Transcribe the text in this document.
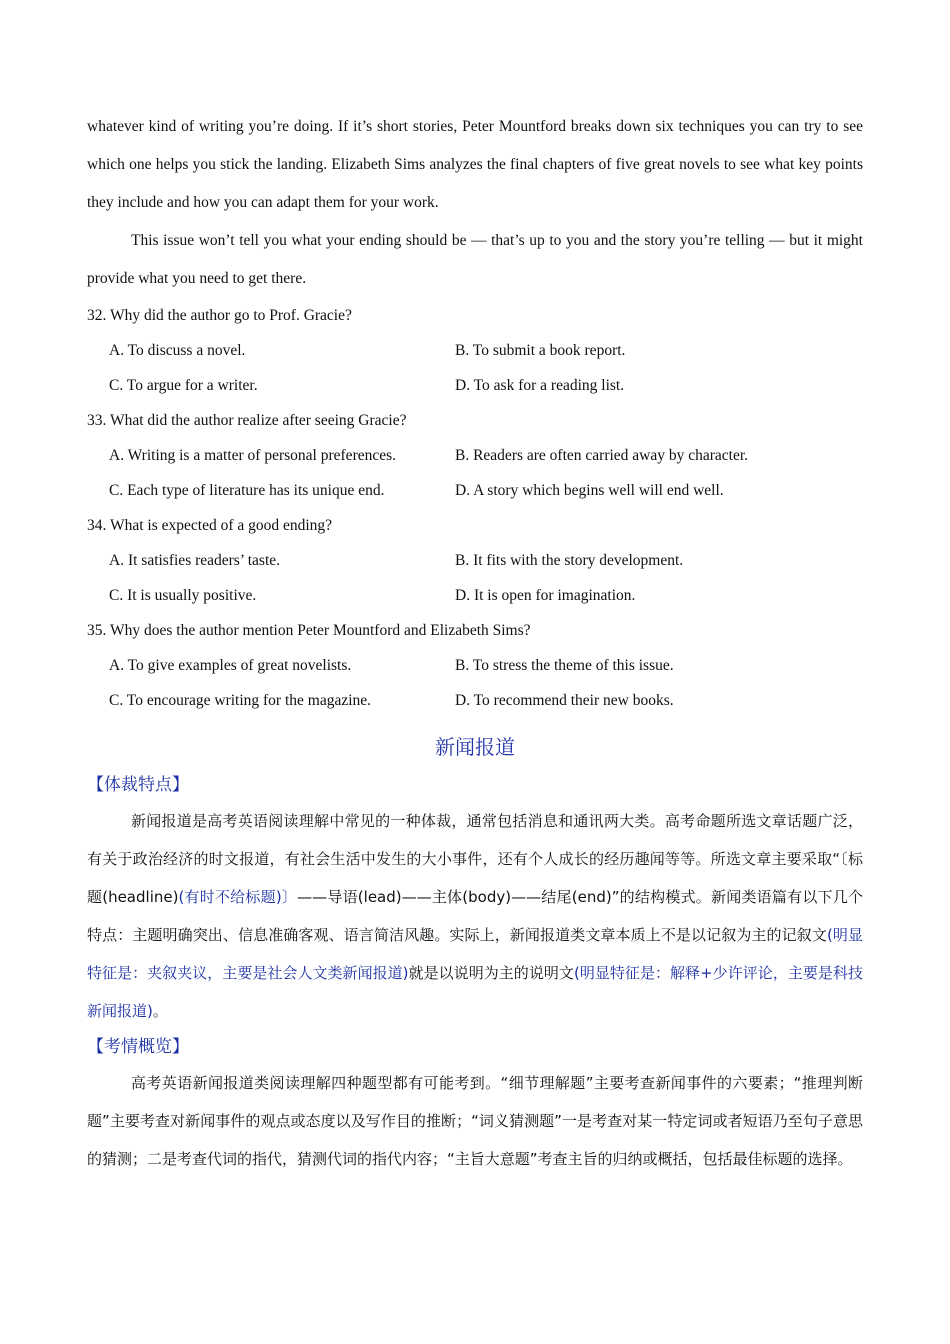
whatever kind of writing you’re doing. If it’s short stories, Peter Mountford breaks down six techniques you can try to see which one helps you stick the landing. Elizabeth Sims analyzes the final chapters of five great novels to see what key points they include and how you can adapt them for your work.

This issue won’t tell you what your ending should be — that’s up to you and the story you’re telling — but it might provide what you need to get there.

32. Why did the author go to Prof. Gracie?
A. To discuss a novel.	B. To submit a book report.
C. To argue for a writer.	D. To ask for a reading list.
33. What did the author realize after seeing Gracie?
A. Writing is a matter of personal preferences.	B. Readers are often carried away by character.
C. Each type of literature has its unique end.	D. A story which begins well will end well.
34. What is expected of a good ending?
A. It satisfies readers’ taste.	B. It fits with the story development.
C. It is usually positive.	D. It is open for imagination.
35. Why does the author mention Peter Mountford and Elizabeth Sims?
A. To give examples of great novelists.	B. To stress the theme of this issue.
C. To encourage writing for the magazine.	D. To recommend their new books.
新闻报道
【体裁特点】

新闻报道是高考英语阅读理解中常见的一种体裁，通常包括消息和通讯两大类。高考命题所选文章话题广泛，有关于政治经济的时文报道，有社会生活中发生的大小事件，还有个人成长的经历趣闻等等。所选文章主要采取“〔标题(headline)(有时不给标题)〕——导语(lead)——主体(body)——结尾(end)”的结构模式。新闻类语篇有以下几个特点：主题明确突出、信息准确客观、语言简洁风趣。实际上，新闻报道类文章本质上不是以记叙为主的记叙文(明显特征是：夹叙夹议，主要是社会人文类新闻报道)就是以说明为主的说明文(明显特征是：解释+少许评论，主要是科技新闻报道)。

【考情概览】

高考英语新闻报道类阅读理解四种题型都有可能考到。“细节理解题”主要考查新闻事件的六要素；“推理判断题”主要考查对新闻事件的观点或态度以及写作目的推断；“词义猜测题”一是考查对某一特定词或者短语乃至句子意思的猜测；二是考查代词的指代，猜测代词的指代内容；“主旨大意题”考查主旨的归纳或概括，包括最佳标题的选择。
